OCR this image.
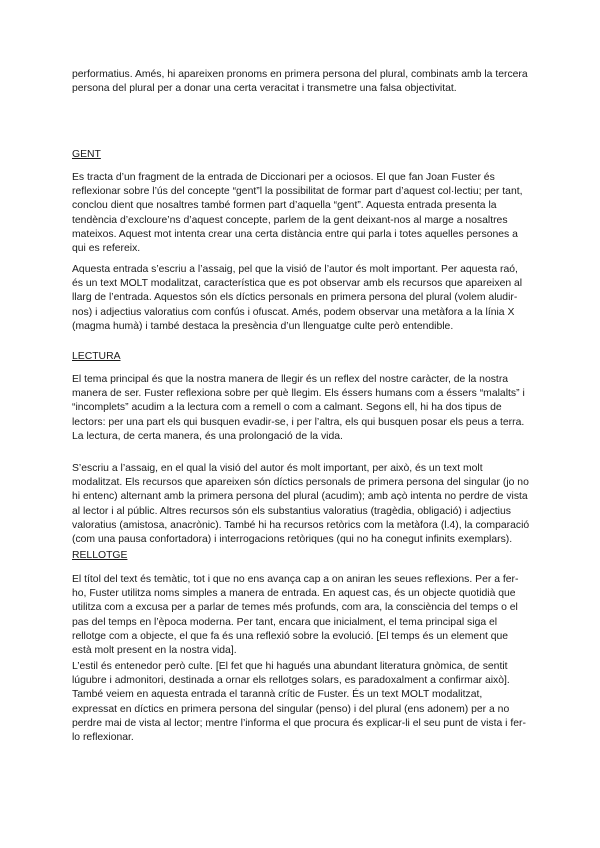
performatius. Amés, hi apareixen pronoms en primera persona del plural, combinats amb la tercera persona del plural per a donar una certa veracitat i transmetre una falsa objectivitat.

GENT

Es tracta d’un fragment de la entrada de Diccionari per a ociosos. El que fan Joan Fuster és reflexionar sobre l’ús del concepte “gent”l la possibilitat de formar part d’aquest col·lectiu; per tant, conclou dient que nosaltres també formen part d’aquella “gent”. Aquesta entrada presenta la tendència d’excloure’ns d’aquest concepte, parlem de la gent deixant-nos al marge a nosaltres mateixos. Aquest mot intenta crear una certa distància entre qui parla i totes aquelles persones a qui es refereix.

Aquesta entrada s’escriu a l’assaig, pel que la visió de l’autor és molt important. Per aquesta raó, és un text MOLT modalitzat, característica que es pot observar amb els recursos que apareixen al llarg de l’entrada. Aquestos són els díctics personals en primera persona del plural (volem aludir-nos) i adjectius valoratius com confús i ofuscat. Amés, podem observar una metàfora a la línia X (magma humà) i també destaca la presència d’un llenguatge culte però entendible.

LECTURA

El tema principal és que la nostra manera de llegir és un reflex del nostre caràcter, de la nostra manera de ser. Fuster reflexiona sobre per què llegim. Els éssers humans com a éssers “malalts” i “incomplets” acudim a la lectura com a remell o com a calmant. Segons ell, hi ha dos tipus de lectors: per una part els qui busquen evadir-se, i per l’altra, els qui busquen posar els peus a terra. La lectura, de certa manera, és una prolongació de la vida.

S’escriu a l’assaig, en el qual la visió del autor és molt important, per això, és un text molt modalitzat. Els recursos que apareixen són díctics personals de primera persona del singular (jo no hi entenc) alternant amb la primera persona del plural (acudim); amb açò intenta no perdre de vista al lector i al públic. Altres recursos són els substantius valoratius (tragèdia, obligació) i adjectius valoratius (amistosa, anacrònic). També hi ha recursos retòrics com la metàfora (l.4), la comparació (com una pausa confortadora) i interrogacions retòriques (qui no ha conegut infinits exemplars).

RELLOTGE

El títol del text és temàtic, tot i que no ens avança cap a on aniran les seues reflexions. Per a fer-ho, Fuster utilitza noms simples a manera de entrada. En aquest cas, és un objecte quotidià que utilitza com a excusa per a parlar de temes més profunds, com ara, la consciència del temps o el pas del temps en l’època moderna. Per tant, encara que inicialment, el tema principal siga el rellotge com a objecte, el que fa és una reflexió sobre la evolució. [El temps és un element que està molt present en la nostra vida].

L’estil és entenedor però culte. [El fet que hi hagués una abundant literatura gnòmica, de sentit lúgubre i admonitori, destinada a ornar els rellotges solars, es paradoxalment a confirmar això]. També veiem en aquesta entrada el tarannà crític de Fuster. És un text MOLT modalitzat, expressat en díctics en primera persona del singular (penso) i del plural (ens adonem) per a no perdre mai de vista al lector; mentre l’informa el que procura és explicar-li el seu punt de vista i fer-lo reflexionar.
